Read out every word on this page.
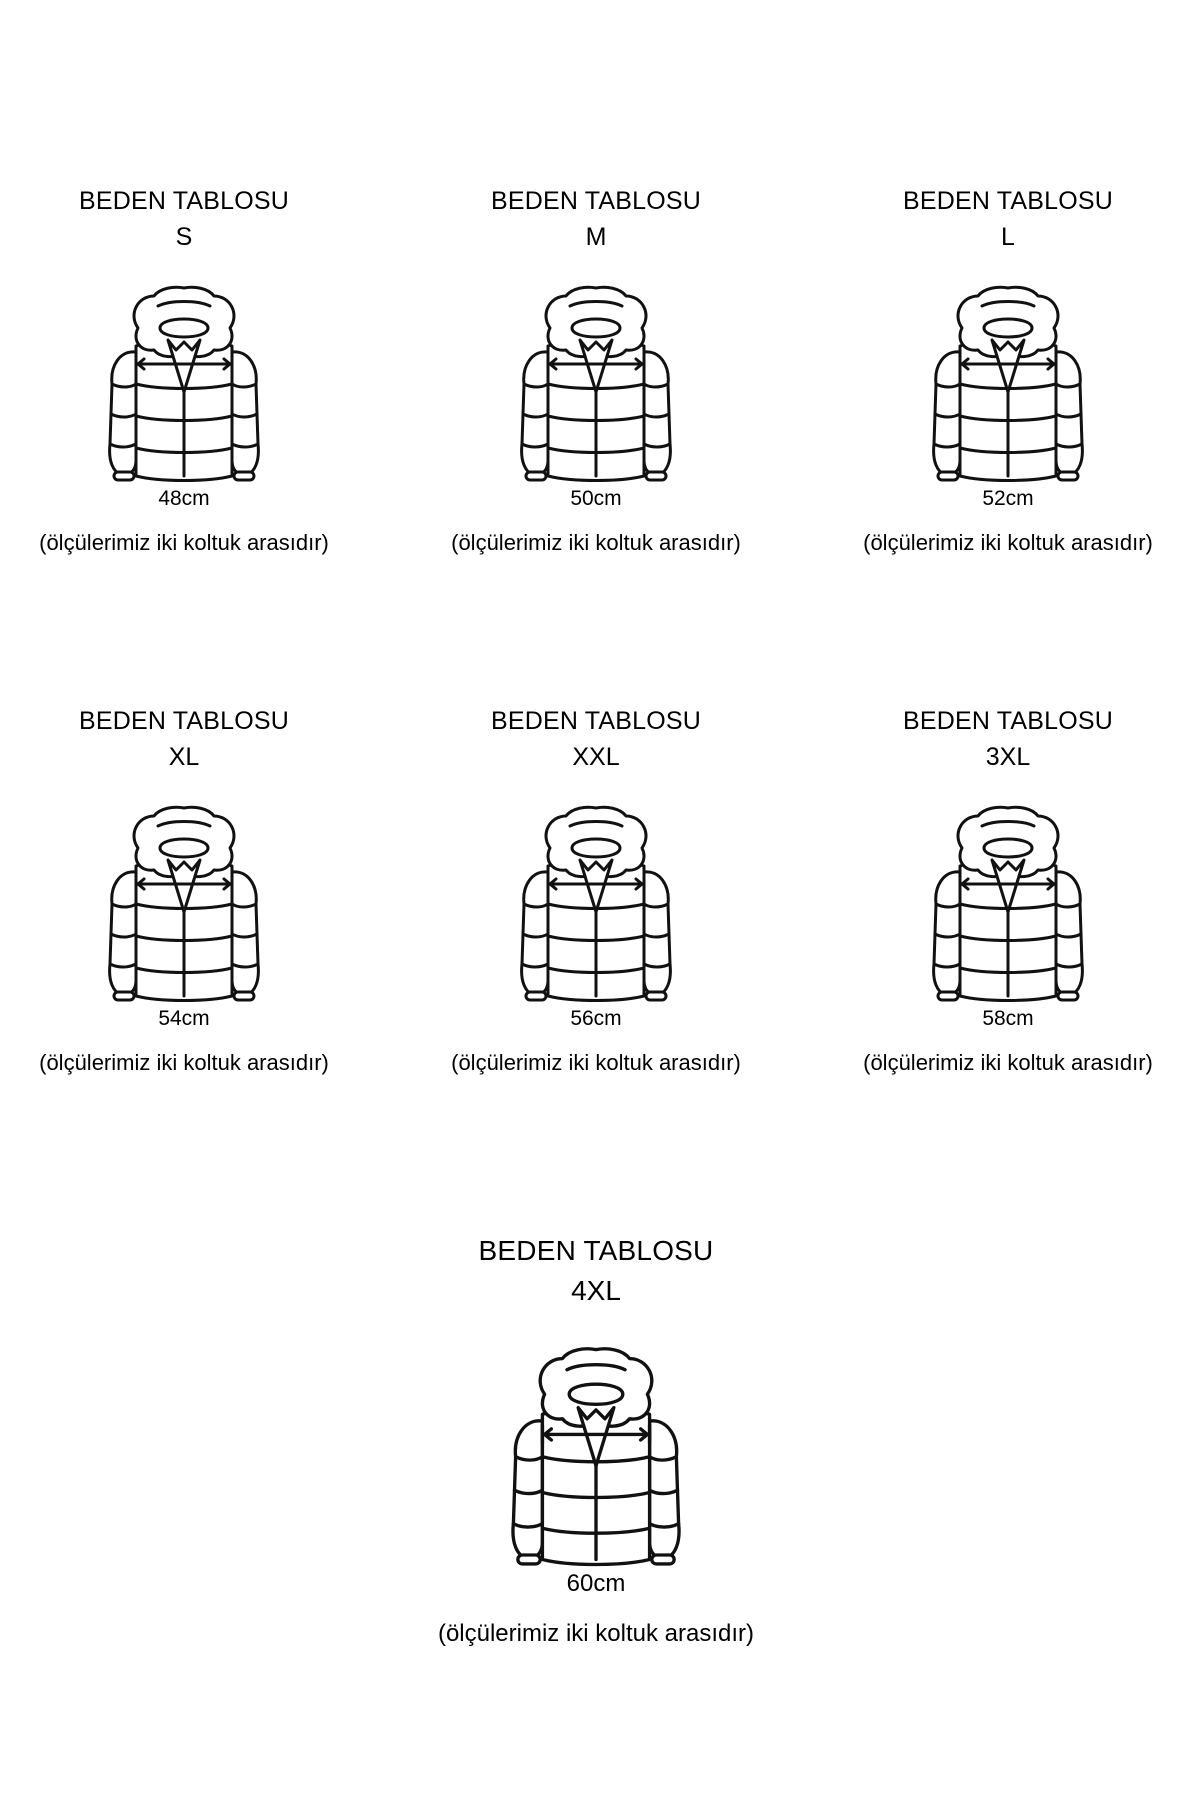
BEDEN TABLOSU
S
48cm
(ölçülerimiz iki koltuk arasıdır)
BEDEN TABLOSU
M
50cm
(ölçülerimiz iki koltuk arasıdır)
BEDEN TABLOSU
L
52cm
(ölçülerimiz iki koltuk arasıdır)
BEDEN TABLOSU
XL
54cm
(ölçülerimiz iki koltuk arasıdır)
BEDEN TABLOSU
XXL
56cm
(ölçülerimiz iki koltuk arasıdır)
BEDEN TABLOSU
3XL
58cm
(ölçülerimiz iki koltuk arasıdır)
BEDEN TABLOSU
4XL
60cm
(ölçülerimiz iki koltuk arasıdır)
